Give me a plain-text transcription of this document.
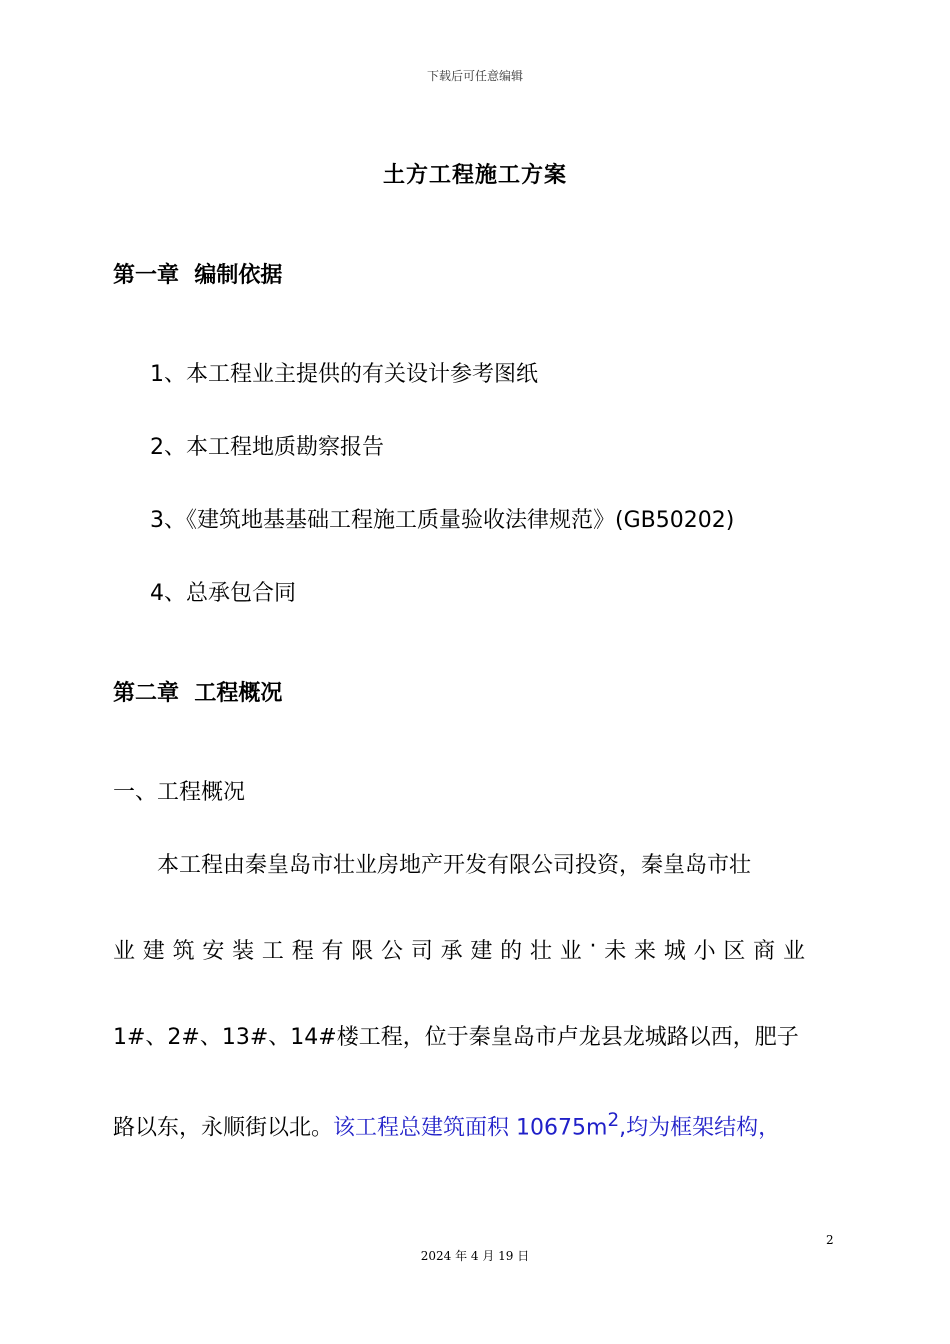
下载后可任意编辑
土方工程施工方案
第一章  编制依据
1、本工程业主提供的有关设计参考图纸
2、本工程地质勘察报告
3、《建筑地基基础工程施工质量验收法律规范》(GB50202)
4、总承包合同
第二章  工程概况
一、工程概况
本工程由秦皇岛市壮业房地产开发有限公司投资，秦皇岛市壮
业 建 筑 安 装 工 程 有 限 公 司 承 建 的 壮 业 · 未 来 城 小 区 商 业
1#、2#、13#、14#楼工程，位于秦皇岛市卢龙县龙城路以西，肥子
路以东，永顺街以北。该工程总建筑面积 $10675m^2$,均为框架结构，
2
2024 年 4 月 19 日
